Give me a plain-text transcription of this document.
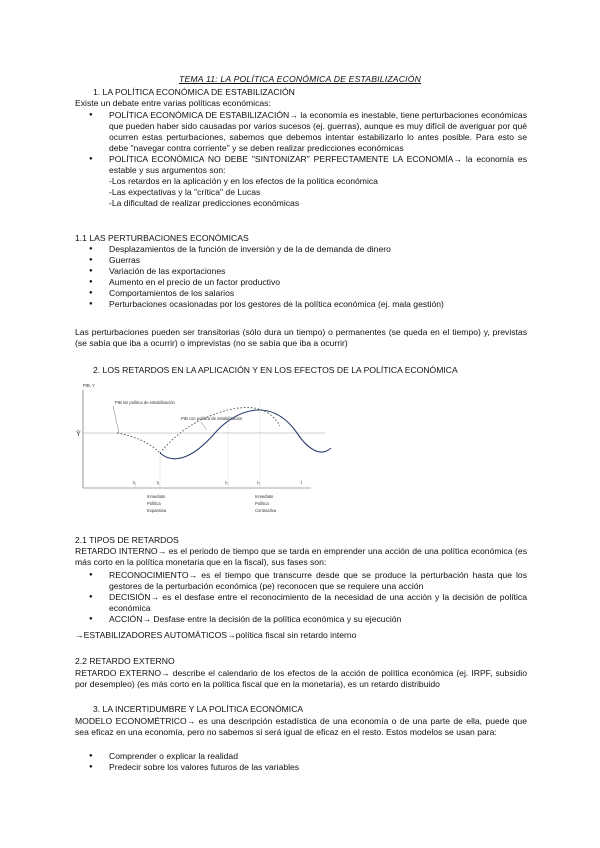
TEMA 11: LA POLÍTICA ECONÓMICA DE ESTABILIZACIÓN
1. LA POLÍTICA ECONÓMICA DE ESTABILIZACIÓN
Existe un debate entre varias políticas económicas:
● POLÍTICA ECONÓMICA DE ESTABILIZACIÓN→ la economía es inestable, tiene perturbaciones económicas que pueden haber sido causadas por varios sucesos (ej. guerras), aunque es muy difícil de averiguar por qué ocurren estas perturbaciones, sabemos que debemos intentar estabilizarlo lo antes posible. Para esto se debe "navegar contra corriente" y se deben realizar predicciones económicas
● POLÍTICA ECONÓMICA NO DEBE "SINTONIZAR" PERFECTAMENTE LA ECONOMÍA→ la economía es estable y sus argumentos son:
-Los retardos en la aplicación y en los efectos de la política económica
-Las expectativas y la "crítica" de Lucas
-La dificultad de realizar predicciones económicas
1.1 LAS PERTURBACIONES ECONÓMICAS
● Desplazamientos de la función de inversión y de la de demanda de dinero
● Guerras
● Variación de las exportaciones
● Aumento en el precio de un factor productivo
● Comportamientos de los salarios
● Perturbaciones ocasionadas por los gestores de la política económica (ej. mala gestión)
Las perturbaciones pueden ser transitorias (sólo dura un tiempo) o permanentes (se queda en el tiempo) y, previstas (se sabía que iba a ocurrir) o imprevistas (no se sabía que iba a ocurrir)
2. LOS RETARDOS EN LA APLICACIÓN Y EN LOS EFECTOS DE LA POLÍTICA ECONÓMICA
PIB, Y
Ȳ
PIB sin política de estabilización
PIB con política de estabilización
t₀	t₁	t₂	t₃	t
Inmediato
Política
Expansiva
Inmediato
Política
Contractiva
2.1 TIPOS DE RETARDOS
RETARDO INTERNO→ es el periodo de tiempo que se tarda en emprender una acción de una política económica (es más corto en la política monetaria que en la fiscal), sus fases son:
● RECONOCIMIENTO→ es el tiempo que transcurre desde que se produce la perturbación hasta que los gestores de la perturbación económica (pe) reconocen que se requiere una acción
● DECISIÓN→ es el desfase entre el reconocimiento de la necesidad de una acción y la decisión de política económica
● ACCIÓN→ Desfase entre la decisión de la política económica y su ejecución
→ESTABILIZADORES AUTOMÁTICOS→política fiscal sin retardo interno
2.2 RETARDO EXTERNO
RETARDO EXTERNO→ describe el calendario de los efectos de la acción de política económica (ej. IRPF, subsidio por desempleo) (es más corto en la política fiscal que en la monetaria), es un retardo distribuido
3. LA INCERTIDUMBRE Y LA POLÍTICA ECONÓMICA
MODELO ECONOMÉTRICO→ es una descripción estadística de una economía o de una parte de ella, puede que sea eficaz en una economía, pero no sabemos si será igual de eficaz en el resto. Estos modelos se usan para:
● Comprender o explicar la realidad
● Predecir sobre los valores futuros de las variables
